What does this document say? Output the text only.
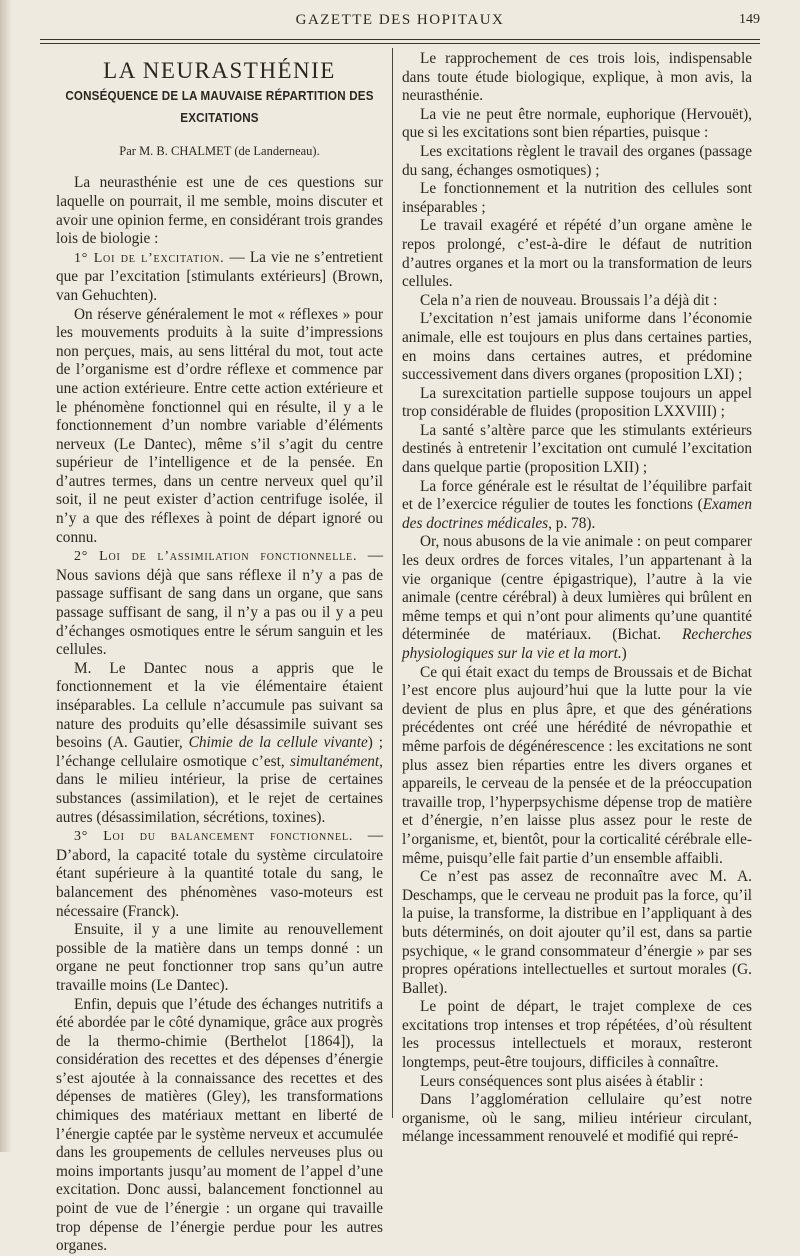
GAZETTE DES HOPITAUX	149
LA NEURASTHÉNIE
CONSÉQUENCE DE LA MAUVAISE RÉPARTITION DES EXCITATIONS
Par M. B. CHALMET (de Landerneau).

La neurasthénie est une de ces questions sur laquelle on pourrait, il me semble, moins discuter et avoir une opinion ferme, en considérant trois grandes lois de biologie :

1° Loi de l’excitation. — La vie ne s’entretient que par l’excitation [stimulants extérieurs] (Brown, van Gehuchten).

On réserve généralement le mot « réflexes » pour les mouvements produits à la suite d’impressions non perçues, mais, au sens littéral du mot, tout acte de l’organisme est d’ordre réflexe et commence par une action extérieure. Entre cette action extérieure et le phénomène fonctionnel qui en résulte, il y a le fonctionnement d’un nombre variable d’éléments nerveux (Le Dantec), même s’il s’agit du centre supérieur de l’intelligence et de la pensée. En d’autres termes, dans un centre nerveux quel qu’il soit, il ne peut exister d’action centrifuge isolée, il n’y a que des réflexes à point de départ ignoré ou connu.

2° Loi de l’assimilation fonctionnelle. — Nous savions déjà que sans réflexe il n’y a pas de passage suffisant de sang dans un organe, que sans passage suffisant de sang, il n’y a pas ou il y a peu d’échanges osmotiques entre le sérum sanguin et les cellules.

M. Le Dantec nous a appris que le fonctionnement et la vie élémentaire étaient inséparables. La cellule n’accumule pas suivant sa nature des produits qu’elle désassimile suivant ses besoins (A. Gautier, Chimie de la cellule vivante) ; l’échange cellulaire osmotique c’est, simultanément, dans le milieu intérieur, la prise de certaines substances (assimilation), et le rejet de certaines autres (désassimilation, sécrétions, toxines).

3° Loi du balancement fonctionnel. — D’abord, la capacité totale du système circulatoire étant supérieure à la quantité totale du sang, le balancement des phénomènes vaso-moteurs est nécessaire (Franck).

Ensuite, il y a une limite au renouvellement possible de la matière dans un temps donné : un organe ne peut fonctionner trop sans qu’un autre travaille moins (Le Dantec).

Enfin, depuis que l’étude des échanges nutritifs a été abordée par le côté dynamique, grâce aux progrès de la thermo-chimie (Berthelot [1864]), la considération des recettes et des dépenses d’énergie s’est ajoutée à la connaissance des recettes et des dépenses de matières (Gley), les transformations chimiques des matériaux mettant en liberté de l’énergie captée par le système nerveux et accumulée dans les groupements de cellules nerveuses plus ou moins importants jusqu’au moment de l’appel d’une excitation. Donc aussi, balancement fonctionnel au point de vue de l’énergie : un organe qui travaille trop dépense de l’énergie perdue pour les autres organes.

Le rapprochement de ces trois lois, indispensable dans toute étude biologique, explique, à mon avis, la neurasthénie.

La vie ne peut être normale, euphorique (Hervouët), que si les excitations sont bien réparties, puisque :

Les excitations règlent le travail des organes (passage du sang, échanges osmotiques) ;

Le fonctionnement et la nutrition des cellules sont inséparables ;

Le travail exagéré et répété d’un organe amène le repos prolongé, c’est-à-dire le défaut de nutrition d’autres organes et la mort ou la transformation de leurs cellules.

Cela n’a rien de nouveau. Broussais l’a déjà dit :

L’excitation n’est jamais uniforme dans l’économie animale, elle est toujours en plus dans certaines parties, en moins dans certaines autres, et prédomine successivement dans divers organes (proposition LXI) ;

La surexcitation partielle suppose toujours un appel trop considérable de fluides (proposition LXXVIII) ;

La santé s’altère parce que les stimulants extérieurs destinés à entretenir l’excitation ont cumulé l’excitation dans quelque partie (proposition LXII) ;

La force générale est le résultat de l’équilibre parfait et de l’exercice régulier de toutes les fonctions (Examen des doctrines médicales, p. 78).

Or, nous abusons de la vie animale : on peut comparer les deux ordres de forces vitales, l’un appartenant à la vie organique (centre épigastrique), l’autre à la vie animale (centre cérébral) à deux lumières qui brûlent en même temps et qui n’ont pour aliments qu’une quantité déterminée de matériaux. (Bichat. Recherches physiologiques sur la vie et la mort.)

Ce qui était exact du temps de Broussais et de Bichat l’est encore plus aujourd’hui que la lutte pour la vie devient de plus en plus âpre, et que des générations précédentes ont créé une hérédité de névropathie et même parfois de dégénérescence : les excitations ne sont plus assez bien réparties entre les divers organes et appareils, le cerveau de la pensée et de la préoccupation travaille trop, l’hyperpsychisme dépense trop de matière et d’énergie, n’en laisse plus assez pour le reste de l’organisme, et, bientôt, pour la corticalité cérébrale elle-même, puisqu’elle fait partie d’un ensemble affaibli.

Ce n’est pas assez de reconnaître avec M. A. Deschamps, que le cerveau ne produit pas la force, qu’il la puise, la transforme, la distribue en l’appliquant à des buts déterminés, on doit ajouter qu’il est, dans sa partie psychique, « le grand consommateur d’énergie » par ses propres opérations intellectuelles et surtout morales (G. Ballet).

Le point de départ, le trajet complexe de ces excitations trop intenses et trop répétées, d’où résultent les processus intellectuels et moraux, resteront longtemps, peut-être toujours, difficiles à connaître.

Leurs conséquences sont plus aisées à établir :

Dans l’agglomération cellulaire qu’est notre organisme, où le sang, milieu intérieur circulant, mélange incessamment renouvelé et modifié qui repré-
